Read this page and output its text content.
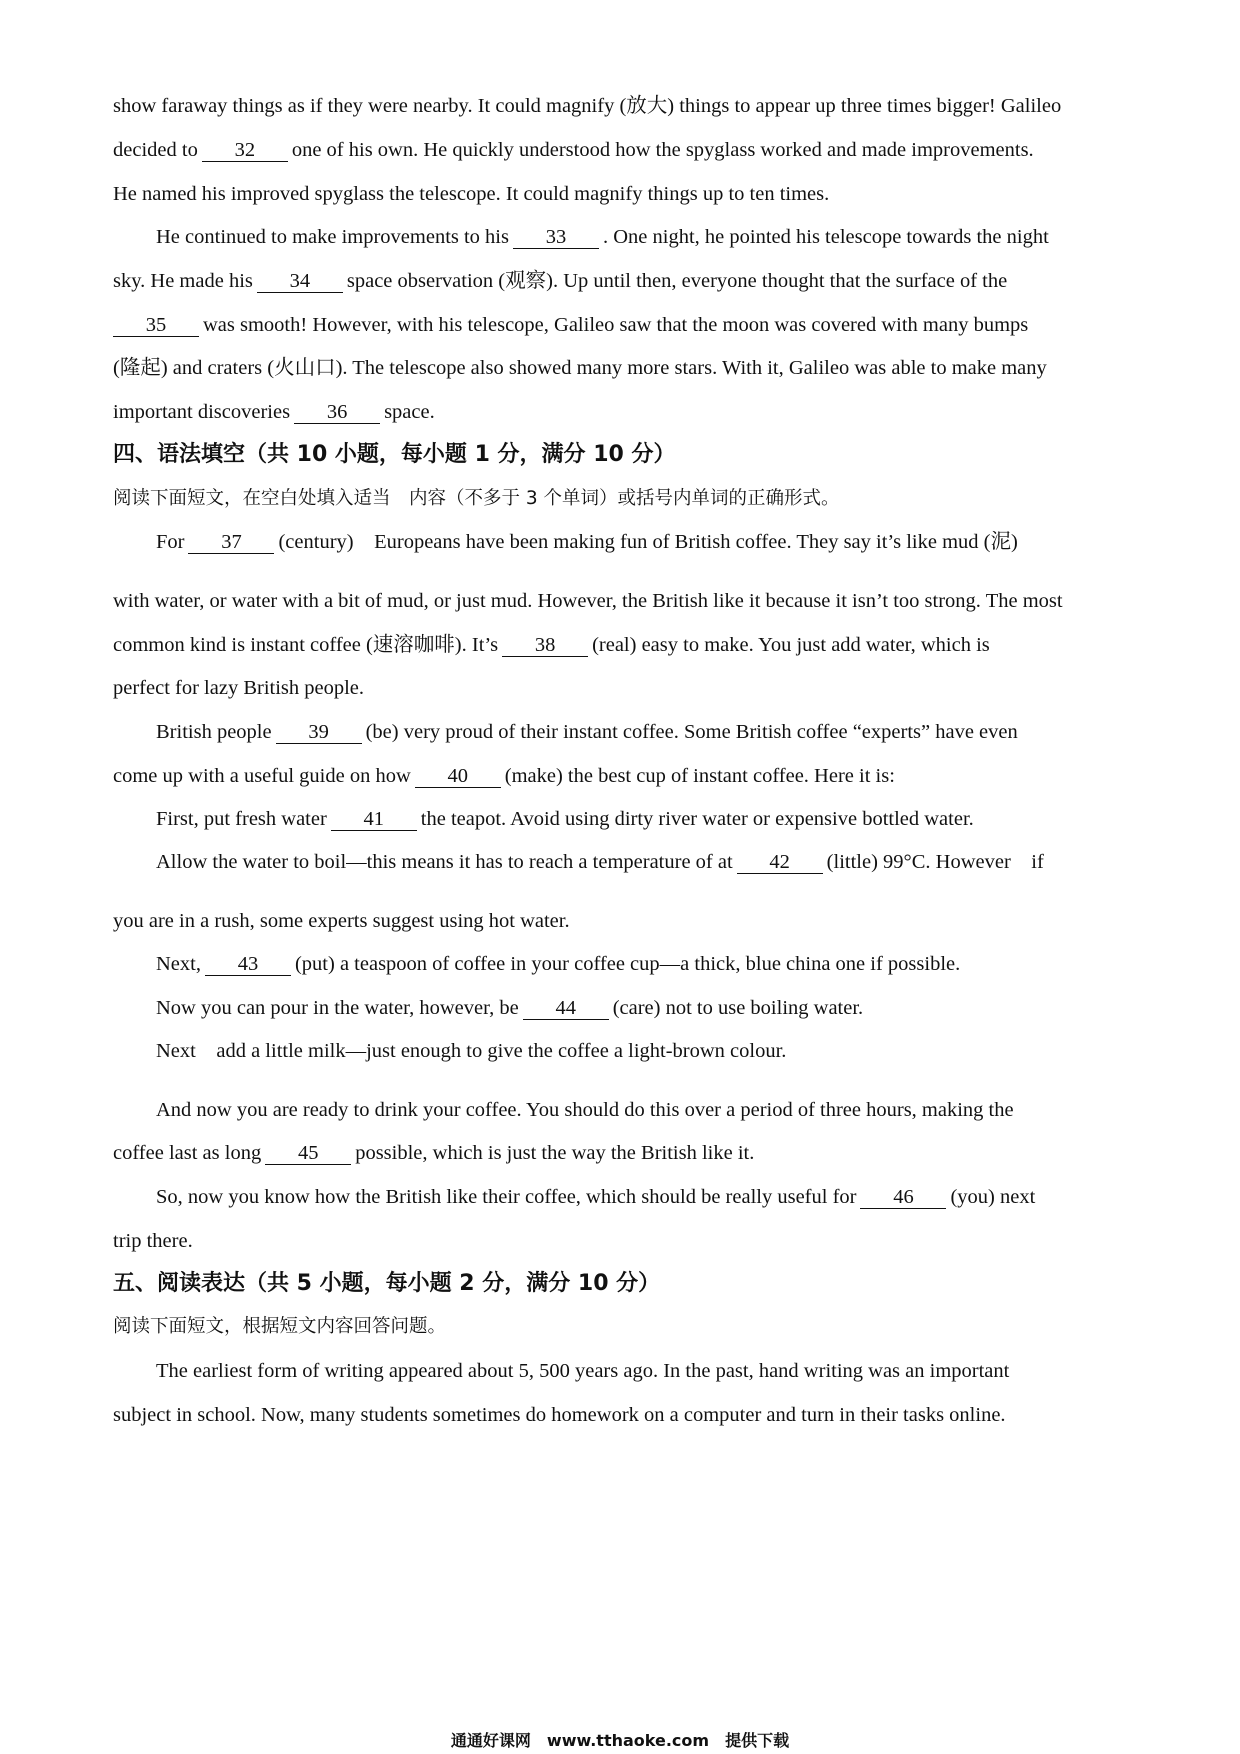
show faraway things as if they were nearby. It could magnify (放大) things to appear up three times bigger! Galileo
decided to 32 one of his own. He quickly understood how the spyglass worked and made improvements.
He named his improved spyglass the telescope. It could magnify things up to ten times.
He continued to make improvements to his 33 . One night, he pointed his telescope towards the night
sky. He made his 34 space observation (观察). Up until then, everyone thought that the surface of the
35 was smooth! However, with his telescope, Galileo saw that the moon was covered with many bumps
(隆起) and craters (火山口). The telescope also showed many more stars. With it, Galileo was able to make many
important discoveries 36 space.
四、语法填空（共 10 小题，每小题 1 分，满分 10 分）
阅读下面短文，在空白处填入适当　内容（不多于 3 个单词）或括号内单词的正确形式。
For 37 (century)　Europeans have been making fun of British coffee. They say it’s like mud (泥)
with water, or water with a bit of mud, or just mud. However, the British like it because it isn’t too strong. The most
common kind is instant coffee (速溶咖啡). It’s 38 (real) easy to make. You just add water, which is
perfect for lazy British people.
British people 39 (be) very proud of their instant coffee. Some British coffee “experts” have even
come up with a useful guide on how 40 (make) the best cup of instant coffee. Here it is:
First, put fresh water 41 the teapot. Avoid using dirty river water or expensive bottled water.
Allow the water to boil—this means it has to reach a temperature of at 42 (little) 99°C. However　if
you are in a rush, some experts suggest using hot water.
Next, 43 (put) a teaspoon of coffee in your coffee cup—a thick, blue china one if possible.
Now you can pour in the water, however, be 44 (care) not to use boiling water.
Next　add a little milk—just enough to give the coffee a light-brown colour.
And now you are ready to drink your coffee. You should do this over a period of three hours, making the
coffee last as long 45 possible, which is just the way the British like it.
So, now you know how the British like their coffee, which should be really useful for 46 (you) next
trip there.
五、阅读表达（共 5 小题，每小题 2 分，满分 10 分）
阅读下面短文，根据短文内容回答问题。
The earliest form of writing appeared about 5, 500 years ago. In the past, hand writing was an important
subject in school. Now, many students sometimes do homework on a computer and turn in their tasks online.
通通好课网　www.tthaoke.com　提供下载
